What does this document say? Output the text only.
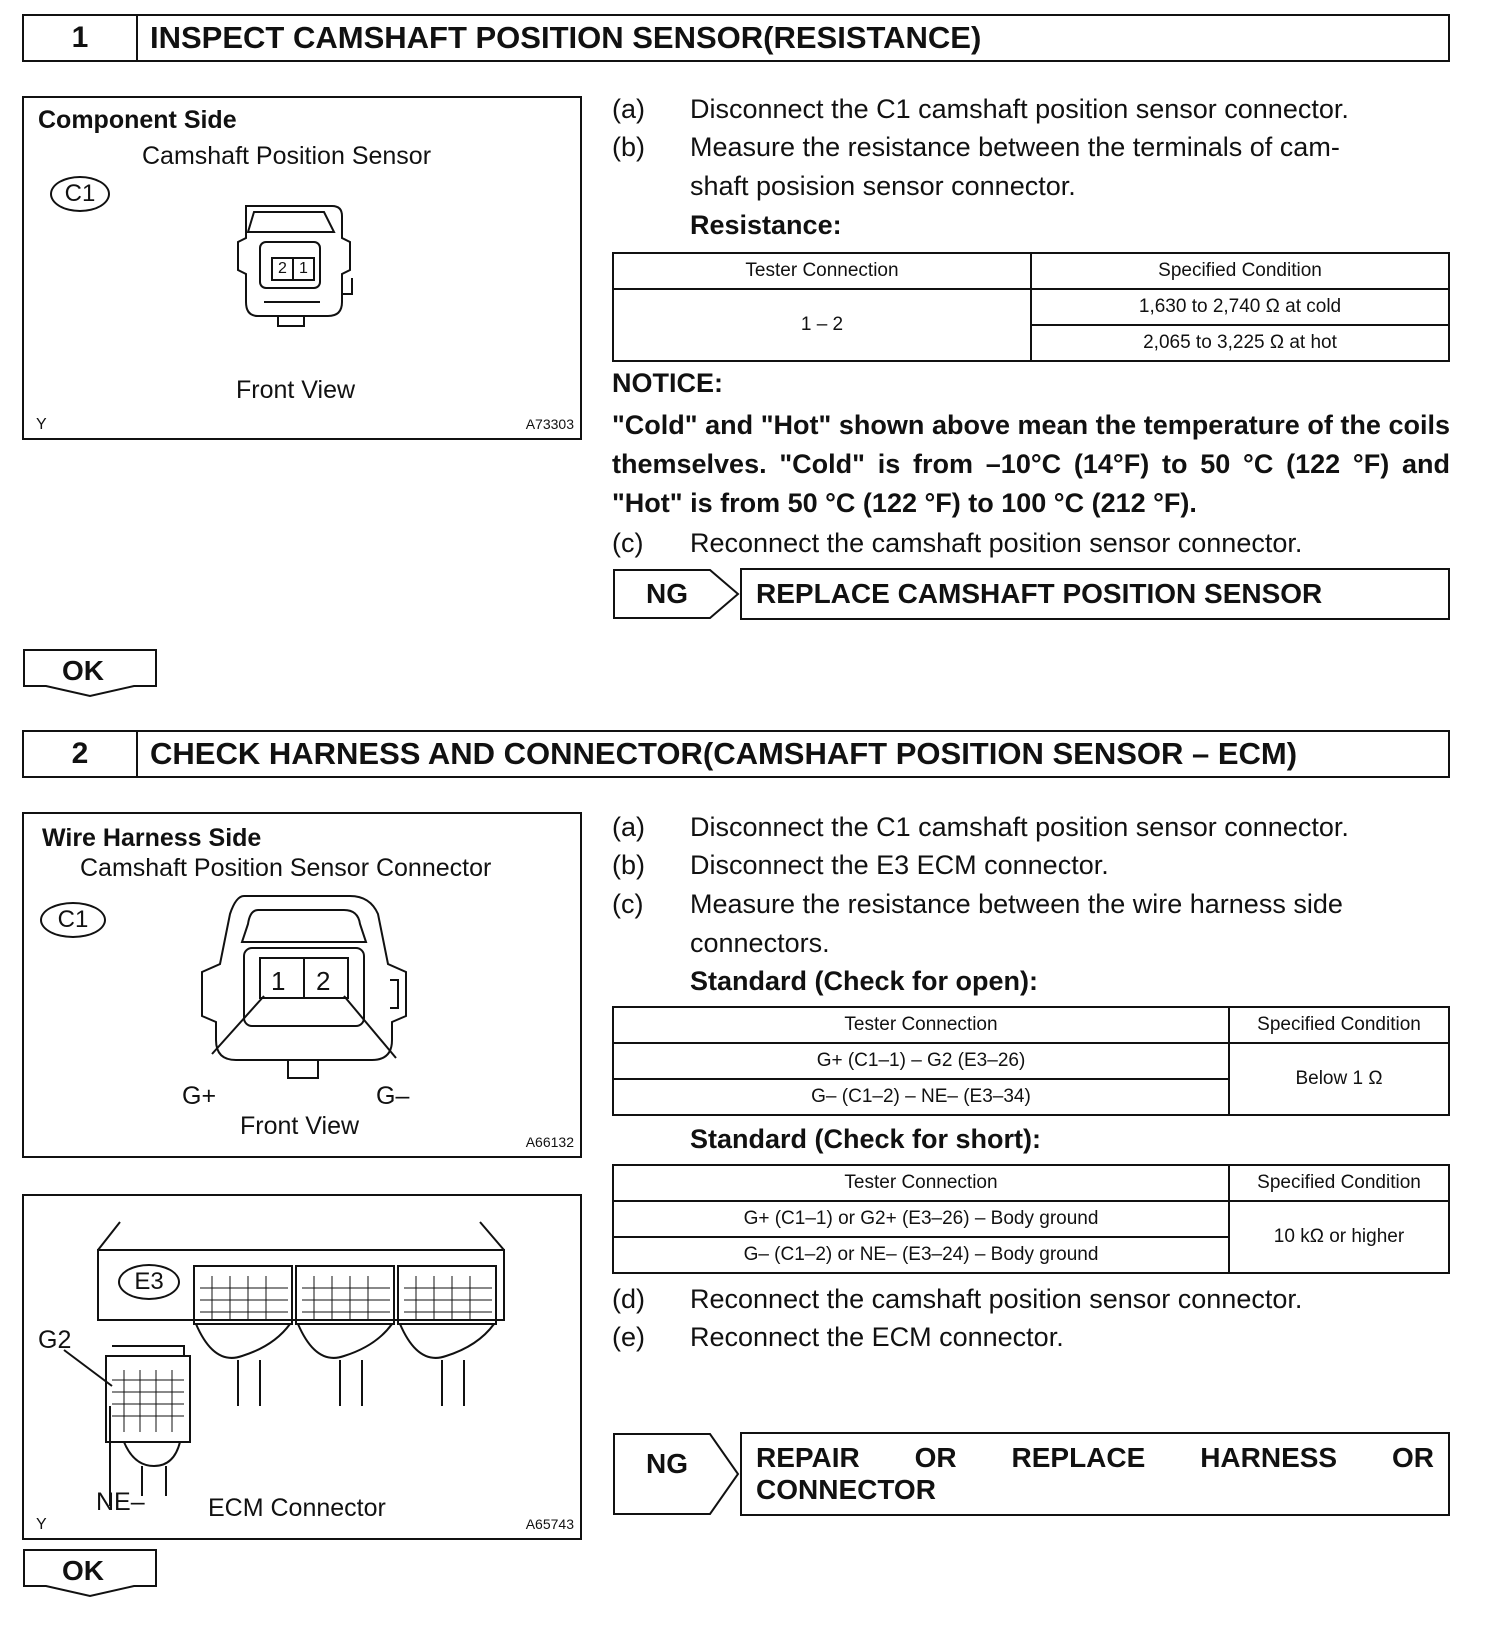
1	INSPECT CAMSHAFT POSITION SENSOR(RESISTANCE)
Component Side
Camshaft Position Sensor
C1
2 1
Front View
Y	A73303
(a) Disconnect the C1 camshaft position sensor connector.
(b) Measure the resistance between the terminals of cam-
shaft posision sensor connector.
Resistance:
Tester Connection	Specified Condition
1 – 2	1,630 to 2,740 Ω at cold
	2,065 to 3,225 Ω at hot
NOTICE:
"Cold" and "Hot" shown above mean the temperature of the coils themselves. "Cold" is from –10°C (14°F) to 50 °C (122 °F) and "Hot" is from 50 °C (122 °F) to 100 °C (212 °F).
(c) Reconnect the camshaft position sensor connector.
NG	REPLACE CAMSHAFT POSITION SENSOR
OK
2	CHECK HARNESS AND CONNECTOR(CAMSHAFT POSITION SENSOR – ECM)
Wire Harness Side
Camshaft Position Sensor Connector
C1
1 2
G+	G–
Front View
A66132
E3
G2
NE–	ECM Connector
Y	A65743
(a) Disconnect the C1 camshaft position sensor connector.
(b) Disconnect the E3 ECM connector.
(c) Measure the resistance between the wire harness side
connectors.
Standard (Check for open):
Tester Connection	Specified Condition
G+ (C1–1) – G2 (E3–26)	Below 1 Ω
G– (C1–2) – NE– (E3–34)	
Standard (Check for short):
Tester Connection	Specified Condition
G+ (C1–1) or G2+ (E3–26) – Body ground	10 kΩ or higher
G– (C1–2) or NE– (E3–24) – Body ground	
(d) Reconnect the camshaft position sensor connector.
(e) Reconnect the ECM connector.
NG REPAIR OR REPLACE HARNESS OR
CONNECTOR
OK
